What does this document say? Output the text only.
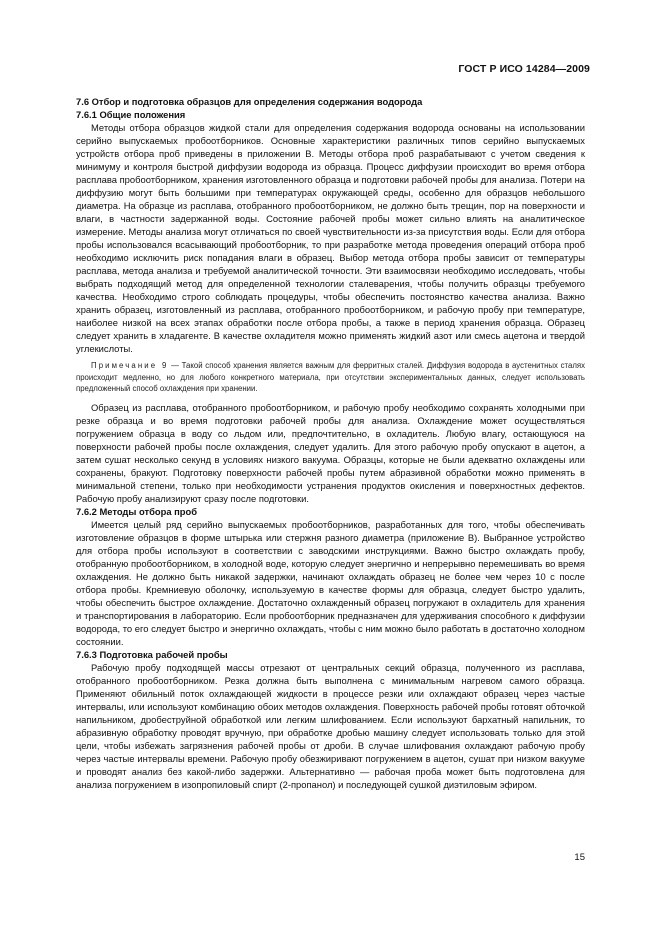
ГОСТ Р ИСО 14284—2009
7.6 Отбор и подготовка образцов для определения содержания водорода
7.6.1 Общие положения

Методы отбора образцов жидкой стали для определения содержания водорода основаны на использовании серийно выпускаемых пробоотборников. Основные характеристики различных типов серийно выпускаемых устройств отбора проб приведены в приложении В. Методы отбора проб разрабатывают с учетом сведения к минимуму и контроля быстрой диффузии водорода из образца. Процесс диффузии происходит во время отбора расплава пробоотборником, хранения изготовленного образца и подготовки рабочей пробы для анализа. Потери на диффузию могут быть большими при температурах окружающей среды, особенно для образцов небольшого диаметра. На образце из расплава, отобранного пробоотборником, не должно быть трещин, пор на поверхности и влаги, в частности задержанной воды. Состояние рабочей пробы может сильно влиять на аналитическое измерение. Методы анализа могут отличаться по своей чувствительности из-за присутствия воды. Если для отбора пробы использовался всасывающий пробоотборник, то при разработке метода проведения операций отбора проб необходимо исключить риск попадания влаги в образец. Выбор метода отбора пробы зависит от температуры расплава, метода анализа и требуемой аналитической точности. Эти взаимосвязи необходимо исследовать, чтобы выбрать подходящий метод для определенной технологии сталеварения, чтобы получить образцы требуемого качества. Необходимо строго соблюдать процедуры, чтобы обеспечить постоянство качества анализа. Важно хранить образец, изготовленный из расплава, отобранного пробоотборником, и рабочую пробу при температуре, наиболее низкой на всех этапах обработки после отбора пробы, а также в период хранения образца. Образец следует хранить в хладагенте. В качестве охладителя можно применять жидкий азот или смесь ацетона и твердой углекислоты.

Примечание 9 — Такой способ хранения является важным для ферритных сталей. Диффузия водорода в аустенитных сталях происходит медленно, но для любого конкретного материала, при отсутствии экспериментальных данных, следует использовать предложенный способ охлаждения при хранении.

Образец из расплава, отобранного пробоотборником, и рабочую пробу необходимо сохранять холодными при резке образца и во время подготовки рабочей пробы для анализа. Охлаждение может осуществляться погружением образца в воду со льдом или, предпочтительно, в охладитель. Любую влагу, остающуюся на поверхности рабочей пробы после охлаждения, следует удалить. Для этого рабочую пробу опускают в ацетон, а затем сушат несколько секунд в условиях низкого вакуума. Образцы, которые не были адекватно охлаждены или сохранены, бракуют. Подготовку поверхности рабочей пробы путем абразивной обработки можно применять в минимальной степени, только при необходимости устранения продуктов окисления и поверхностных дефектов. Рабочую пробу анализируют сразу после подготовки.

7.6.2 Методы отбора проб

Имеется целый ряд серийно выпускаемых пробоотборников, разработанных для того, чтобы обеспечивать изготовление образцов в форме штырька или стержня разного диаметра (приложение В). Выбранное устройство для отбора пробы используют в соответствии с заводскими инструкциями. Важно быстро охлаждать пробу, отобранную пробоотборником, в холодной воде, которую следует энергично и непрерывно перемешивать во время охлаждения. Не должно быть никакой задержки, начинают охлаждать образец не более чем через 10 с после отбора пробы. Кремниевую оболочку, используемую в качестве формы для образца, следует быстро удалить, чтобы обеспечить быстрое охлаждение. Достаточно охлажденный образец погружают в охладитель для хранения и транспортирования в лабораторию. Если пробоотборник предназначен для удерживания способного к диффузии водорода, то его следует быстро и энергично охлаждать, чтобы с ним можно было работать в достаточно холодном состоянии.

7.6.3 Подготовка рабочей пробы

Рабочую пробу подходящей массы отрезают от центральных секций образца, полученного из расплава, отобранного пробоотборником. Резка должна быть выполнена с минимальным нагревом самого образца. Применяют обильный поток охлаждающей жидкости в процессе резки или охлаждают образец через частые интервалы, или используют комбинацию обоих методов охлаждения. Поверхность рабочей пробы готовят обточкой напильником, дробеструйной обработкой или легким шлифованием. Если используют бархатный напильник, то абразивную обработку проводят вручную, при обработке дробью машину следует использовать только для этой цели, чтобы избежать загрязнения рабочей пробы от дроби. В случае шлифования охлаждают рабочую пробу через частые интервалы времени. Рабочую пробу обезжиривают погружением в ацетон, сушат при низком вакууме и проводят анализ без какой-либо задержки. Альтернативно — рабочая проба может быть подготовлена для анализа погружением в изопропиловый спирт (2-пропанол) и последующей сушкой диэтиловым эфиром.

15
